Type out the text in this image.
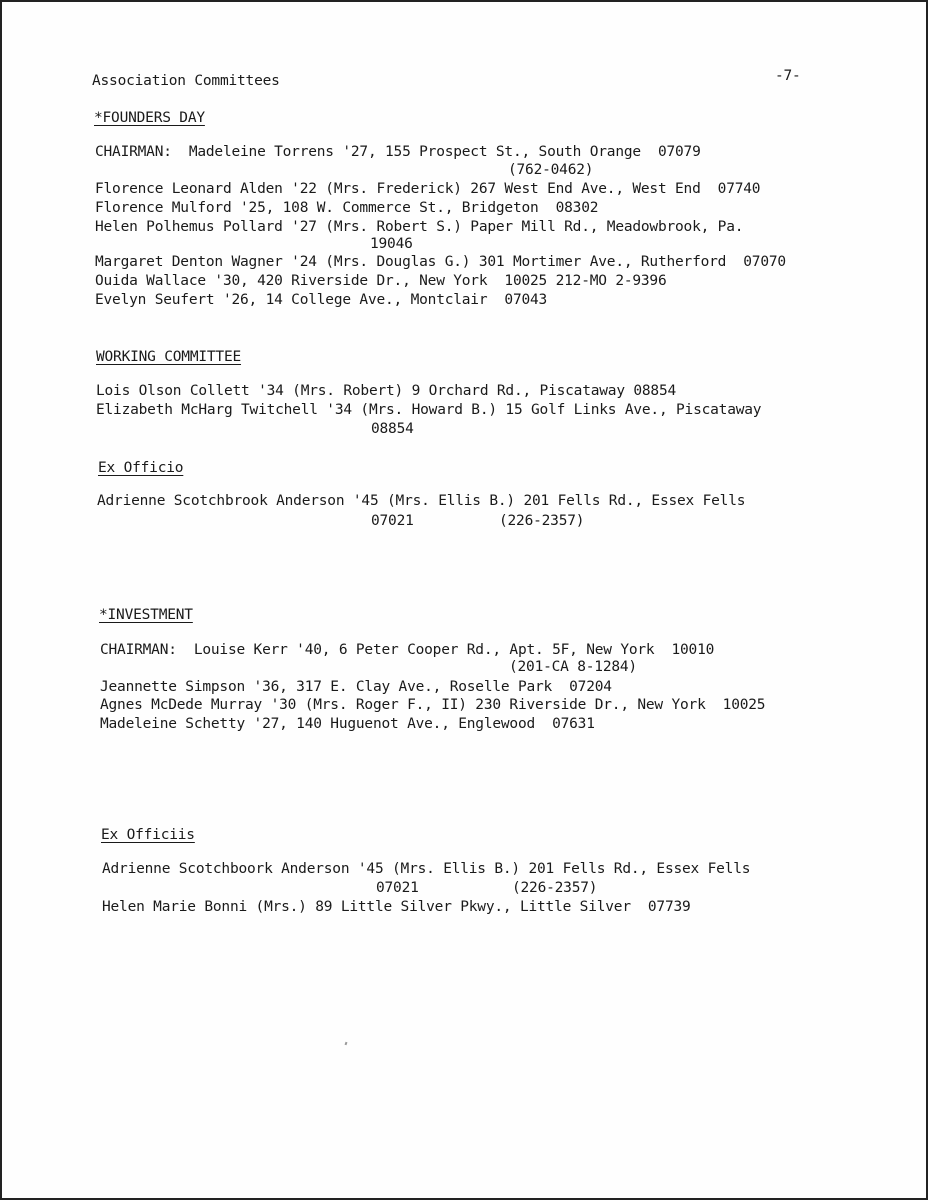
Association Committees	-7-
*FOUNDERS DAY
CHAIRMAN:  Madeleine Torrens '27, 155 Prospect St., South Orange  07079
(762-0462)
Florence Leonard Alden '22 (Mrs. Frederick) 267 West End Ave., West End  07740
Florence Mulford '25, 108 W. Commerce St., Bridgeton  08302
Helen Polhemus Pollard '27 (Mrs. Robert S.) Paper Mill Rd., Meadowbrook, Pa.
19046
Margaret Denton Wagner '24 (Mrs. Douglas G.) 301 Mortimer Ave., Rutherford  07070
Ouida Wallace '30, 420 Riverside Dr., New York  10025 212-MO 2-9396
Evelyn Seufert '26, 14 College Ave., Montclair  07043
WORKING COMMITTEE
Lois Olson Collett '34 (Mrs. Robert) 9 Orchard Rd., Piscataway 08854
Elizabeth McHarg Twitchell '34 (Mrs. Howard B.) 15 Golf Links Ave., Piscataway
08854
Ex Officio
Adrienne Scotchbrook Anderson '45 (Mrs. Ellis B.) 201 Fells Rd., Essex Fells
07021	(226-2357)
*INVESTMENT
CHAIRMAN:  Louise Kerr '40, 6 Peter Cooper Rd., Apt. 5F, New York  10010
(201-CA 8-1284)
Jeannette Simpson '36, 317 E. Clay Ave., Roselle Park  07204
Agnes McDede Murray '30 (Mrs. Roger F., II) 230 Riverside Dr., New York  10025
Madeleine Schetty '27, 140 Huguenot Ave., Englewood  07631
Ex Officiis
Adrienne Scotchboork Anderson '45 (Mrs. Ellis B.) 201 Fells Rd., Essex Fells
07021	(226-2357)
Helen Marie Bonni (Mrs.) 89 Little Silver Pkwy., Little Silver  07739
